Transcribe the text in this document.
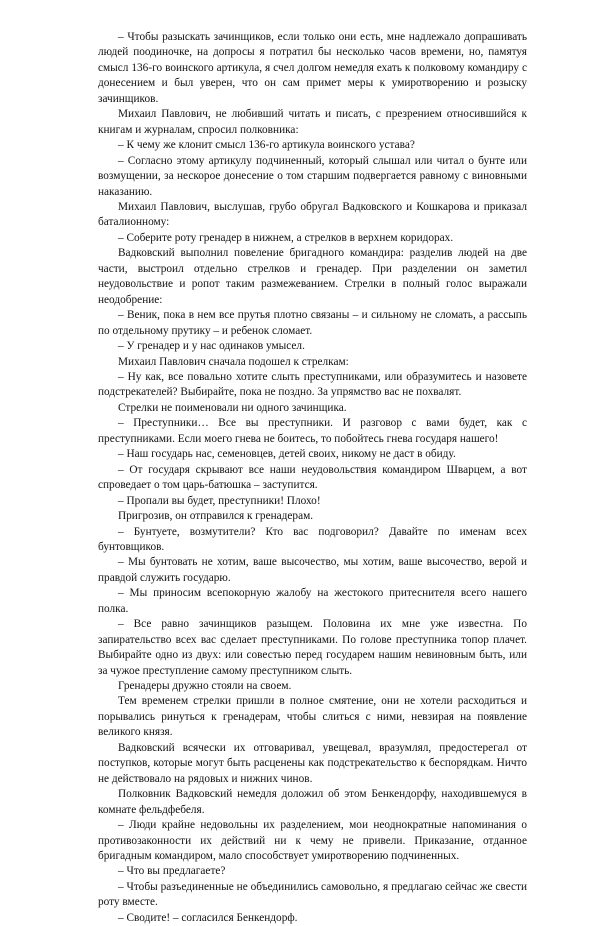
– Чтобы разыскать зачинщиков, если только они есть, мне надлежало допрашивать людей поодиночке, на допросы я потратил бы несколько часов времени, но, памятуя смысл 136-го воинского артикула, я счел долгом немедля ехать к полковому командиру с донесением и был уверен, что он сам примет меры к умиротворению и розыску зачинщиков.

Михаил Павлович, не любивший читать и писать, с презрением относившийся к книгам и журналам, спросил полковника:

– К чему же клонит смысл 136-го артикула воинского устава?

– Согласно этому артикулу подчиненный, который слышал или читал о бунте или возмущении, за нескорое донесение о том старшим подвергается равному с виновными наказанию.

Михаил Павлович, выслушав, грубо обругал Вадковского и Кошкарова и приказал баталионному:

– Соберите роту гренадер в нижнем, а стрелков в верхнем коридорах.

Вадковский выполнил повеление бригадного командира: разделив людей на две части, выстроил отдельно стрелков и гренадер. При разделении он заметил неудовольствие и ропот таким размежеванием. Стрелки в полный голос выражали неодобрение:

– Веник, пока в нем все прутья плотно связаны – и сильному не сломать, а рассыпь по отдельному прутику – и ребенок сломает.

– У гренадер и у нас одинаков умысел.

Михаил Павлович сначала подошел к стрелкам:

– Ну как, все повально хотите слыть преступниками, или образумитесь и назовете подстрекателей? Выбирайте, пока не поздно. За упрямство вас не похвалят.

Стрелки не поименовали ни одного зачинщика.

– Преступники… Все вы преступники. И разговор с вами будет, как с преступниками. Если моего гнева не боитесь, то побойтесь гнева государя нашего!

– Наш государь нас, семеновцев, детей своих, никому не даст в обиду.

– От государя скрывают все наши неудовольствия командиром Шварцем, а вот спроведает о том царь-батюшка – заступится.

– Пропали вы будет, преступники! Плохо!

Пригрозив, он отправился к гренадерам.

– Бунтуете, возмутители? Кто вас подговорил? Давайте по именам всех бунтовщиков.

– Мы бунтовать не хотим, ваше высочество, мы хотим, ваше высочество, верой и правдой служить государю.

– Мы приносим всепокорную жалобу на жестокого притеснителя всего нашего полка.

– Все равно зачинщиков разыщем. Половина их мне уже известна. По запирательство всех вас сделает преступниками. По голове преступника топор плачет. Выбирайте одно из двух: или совестью перед государем нашим невиновным быть, или за чужое преступление самому преступником слыть.

Гренадеры дружно стояли на своем.

Тем временем стрелки пришли в полное смятение, они не хотели расходиться и порывались ринуться к гренадерам, чтобы слиться с ними, невзирая на появление великого князя.

Вадковский всячески их отговаривал, увещевал, вразумлял, предостерегал от поступков, которые могут быть расценены как подстрекательство к беспорядкам. Ничто не действовало на рядовых и нижних чинов.

Полковник Вадковский немедля доложил об этом Бенкендорфу, находившемуся в комнате фельдфебеля.

– Люди крайне недовольны их разделением, мои неоднократные напоминания о противозаконности их действий ни к чему не привели. Приказание, отданное бригадным командиром, мало способствует умиротворению подчиненных.

– Что вы предлагаете?

– Чтобы разъединенные не объединились самовольно, я предлагаю сейчас же свести роту вместе.

– Сводите! – согласился Бенкендорф.
